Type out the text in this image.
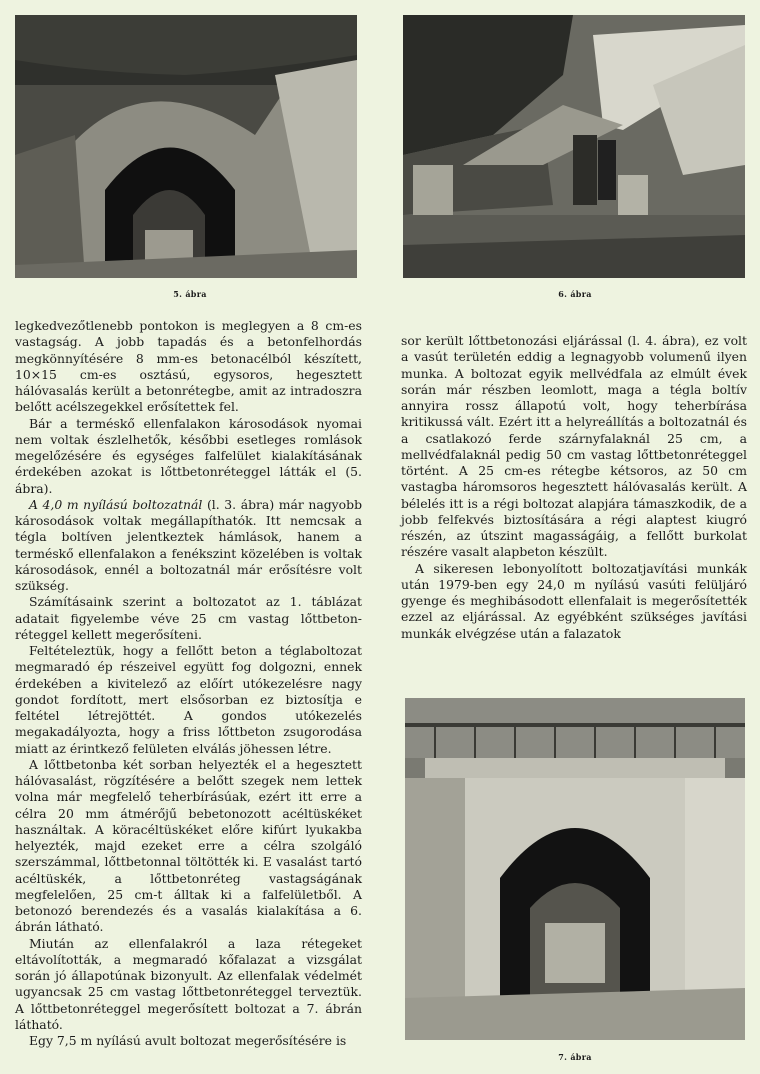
5. ábra	6. ábra
7. ábra

legkedvezőtlenebb pontokon is meglegyen a 8 cm-es vastagság. A jobb tapadás és a betonfelhordás megkönnyítésére 8 mm-es betonacélból készített, 10×15 cm-es osztású, egysoros, hegesztett hálóvasalás került a betonrétegbe, amit az intradoszra belőtt acélszegekkel erősítettek fel.

Bár a terméskő ellenfalakon károsodások nyomai nem voltak észlelhetők, későbbi esetleges romlások megelőzésére és egységes falfelület kialakításának érdekében azokat is lőttbetonréteggel látták el (5. ábra).

A 4,0 m nyílású boltozatnál (l. 3. ábra) már nagyobb károsodások voltak megállapíthatók. Itt nemcsak a tégla boltíven jelentkeztek hámlások, hanem a terméskő ellenfalakon a fenékszint közelében is voltak károsodások, ennél a boltozatnál már erősítésre volt szükség.

Számításaink szerint a boltozatot az 1. táblázat adatait figyelembe véve 25 cm vastag lőttbeton-réteggel kellett megerősíteni.

Feltételeztük, hogy a fellőtt beton a téglaboltozat megmaradó ép részeivel együtt fog dolgozni, ennek érdekében a kivitelező az előírt utókezelésre nagy gondot fordított, mert elsősorban ez biztosítja e feltétel létrejöttét. A gondos utókezelés megakadályozta, hogy a friss lőttbeton zsugorodása miatt az érintkező felületen elválás jöhessen létre.

A lőttbetonba két sorban helyezték el a hegesztett hálóvasalást, rögzítésére a belőtt szegek nem lettek volna már megfelelő teherbírásúak, ezért itt erre a célra 20 mm átmérőjű bebetonozott acéltüskéket használtak. A köracéltüskéket előre kifúrt lyukakba helyezték, majd ezeket erre a célra szolgáló szerszámmal, lőttbetonnal töltötték ki. E vasalást tartó acéltüskék, a lőttbetonréteg vastagságának megfelelően, 25 cm-t álltak ki a falfelületből. A betonozó berendezés és a vasalás kialakítása a 6. ábrán látható.

Miután az ellenfalakról a laza rétegeket eltávolították, a megmaradó kőfalazat a vizsgálat során jó állapotúnak bizonyult. Az ellenfalak védelmét ugyancsak 25 cm vastag lőttbetonréteggel terveztük. A lőttbetonréteggel megerősített boltozat a 7. ábrán látható.

Egy 7,5 m nyílású avult boltozat megerősítésére is

sor került lőttbetonozási eljárással (l. 4. ábra), ez volt a vasút területén eddig a legnagyobb volumenű ilyen munka. A boltozat egyik mellvédfala az elmúlt évek során már részben leomlott, maga a tégla boltív annyira rossz állapotú volt, hogy teherbírása kritikussá vált. Ezért itt a helyreállítás a boltozatnál és a csatlakozó ferde szárnyfalaknál 25 cm, a mellvédfalaknál pedig 50 cm vastag lőttbetonréteggel történt. A 25 cm-es rétegbe kétsoros, az 50 cm vastagba háromsoros hegesztett hálóvasalás került. A bélelés itt is a régi boltozat alapjára támaszkodik, de a jobb felfekvés biztosítására a régi alaptest kiugró részén, az útszint magasságáig, a fellőtt burkolat részére vasalt alapbeton készült.

A sikeresen lebonyolított boltozatjavítási munkák után 1979-ben egy 24,0 m nyílású vasúti felüljáró gyenge és meghibásodott ellenfalait is megerősítették ezzel az eljárással. Az egyébként szükséges javítási munkák elvégzése után a falazatok
